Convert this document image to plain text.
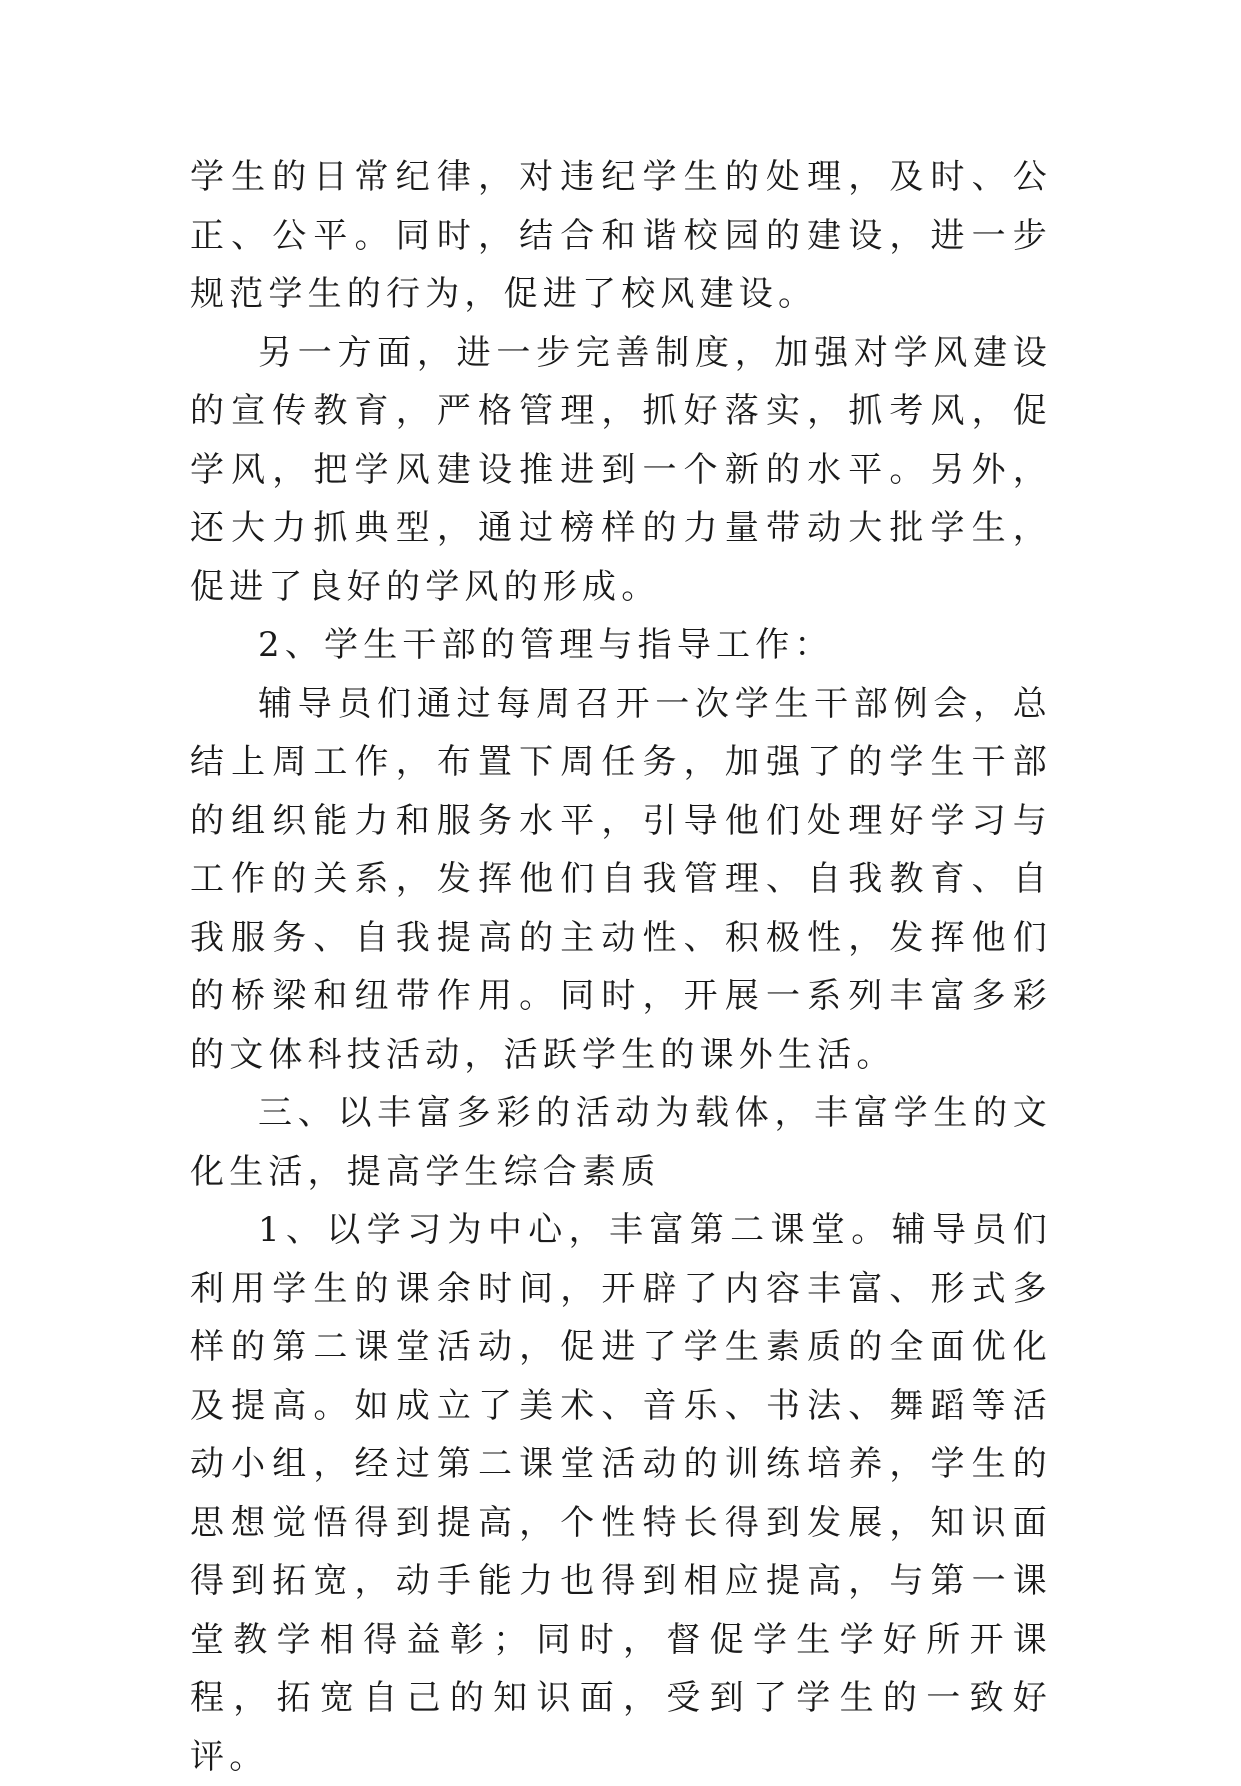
学生的日常纪律，对违纪学生的处理，及时、公正、公平。同时，结合和谐校园的建设，进一步规范学生的行为，促进了校风建设。

另一方面，进一步完善制度，加强对学风建设的宣传教育，严格管理，抓好落实，抓考风，促学风，把学风建设推进到一个新的水平。另外，还大力抓典型，通过榜样的力量带动大批学生，促进了良好的学风的形成。

2、学生干部的管理与指导工作：

辅导员们通过每周召开一次学生干部例会，总结上周工作，布置下周任务，加强了的学生干部的组织能力和服务水平，引导他们处理好学习与工作的关系，发挥他们自我管理、自我教育、自我服务、自我提高的主动性、积极性，发挥他们的桥梁和纽带作用。同时，开展一系列丰富多彩的文体科技活动，活跃学生的课外生活。

三、以丰富多彩的活动为载体，丰富学生的文化生活，提高学生综合素质

1、以学习为中心，丰富第二课堂。辅导员们利用学生的课余时间，开辟了内容丰富、形式多样的第二课堂活动，促进了学生素质的全面优化及提高。如成立了美术、音乐、书法、舞蹈等活动小组，经过第二课堂活动的训练培养，学生的思想觉悟得到提高，个性特长得到发展，知识面得到拓宽，动手能力也得到相应提高，与第一课堂教学相得益彰；同时，督促学生学好所开课程，拓宽自己的知识面，受到了学生的一致好评。
